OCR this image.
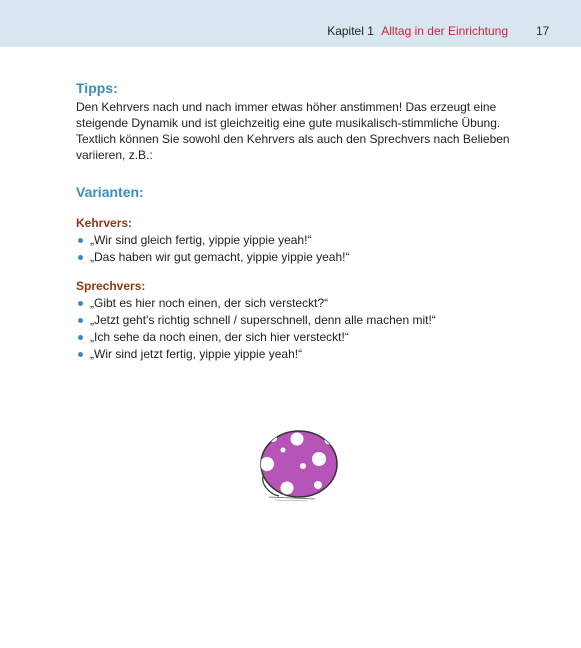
Kapitel 1 Alltag in der Einrichtung 17
Tipps:

Den Kehrvers nach und nach immer etwas höher anstimmen! Das erzeugt eine steigende Dynamik und ist gleichzeitig eine gute musikalisch-stimmliche Übung.

Textlich können Sie sowohl den Kehrvers als auch den Sprechvers nach Belieben variieren, z.B.:

Varianten:
Kehrvers:
„Wir sind gleich fertig, yippie yippie yeah!“
„Das haben wir gut gemacht, yippie yippie yeah!“
Sprechvers:
„Gibt es hier noch einen, der sich versteckt?“
„Jetzt geht's richtig schnell / superschnell, denn alle machen mit!“
„Ich sehe da noch einen, der sich hier versteckt!“
„Wir sind jetzt fertig, yippie yippie yeah!“
